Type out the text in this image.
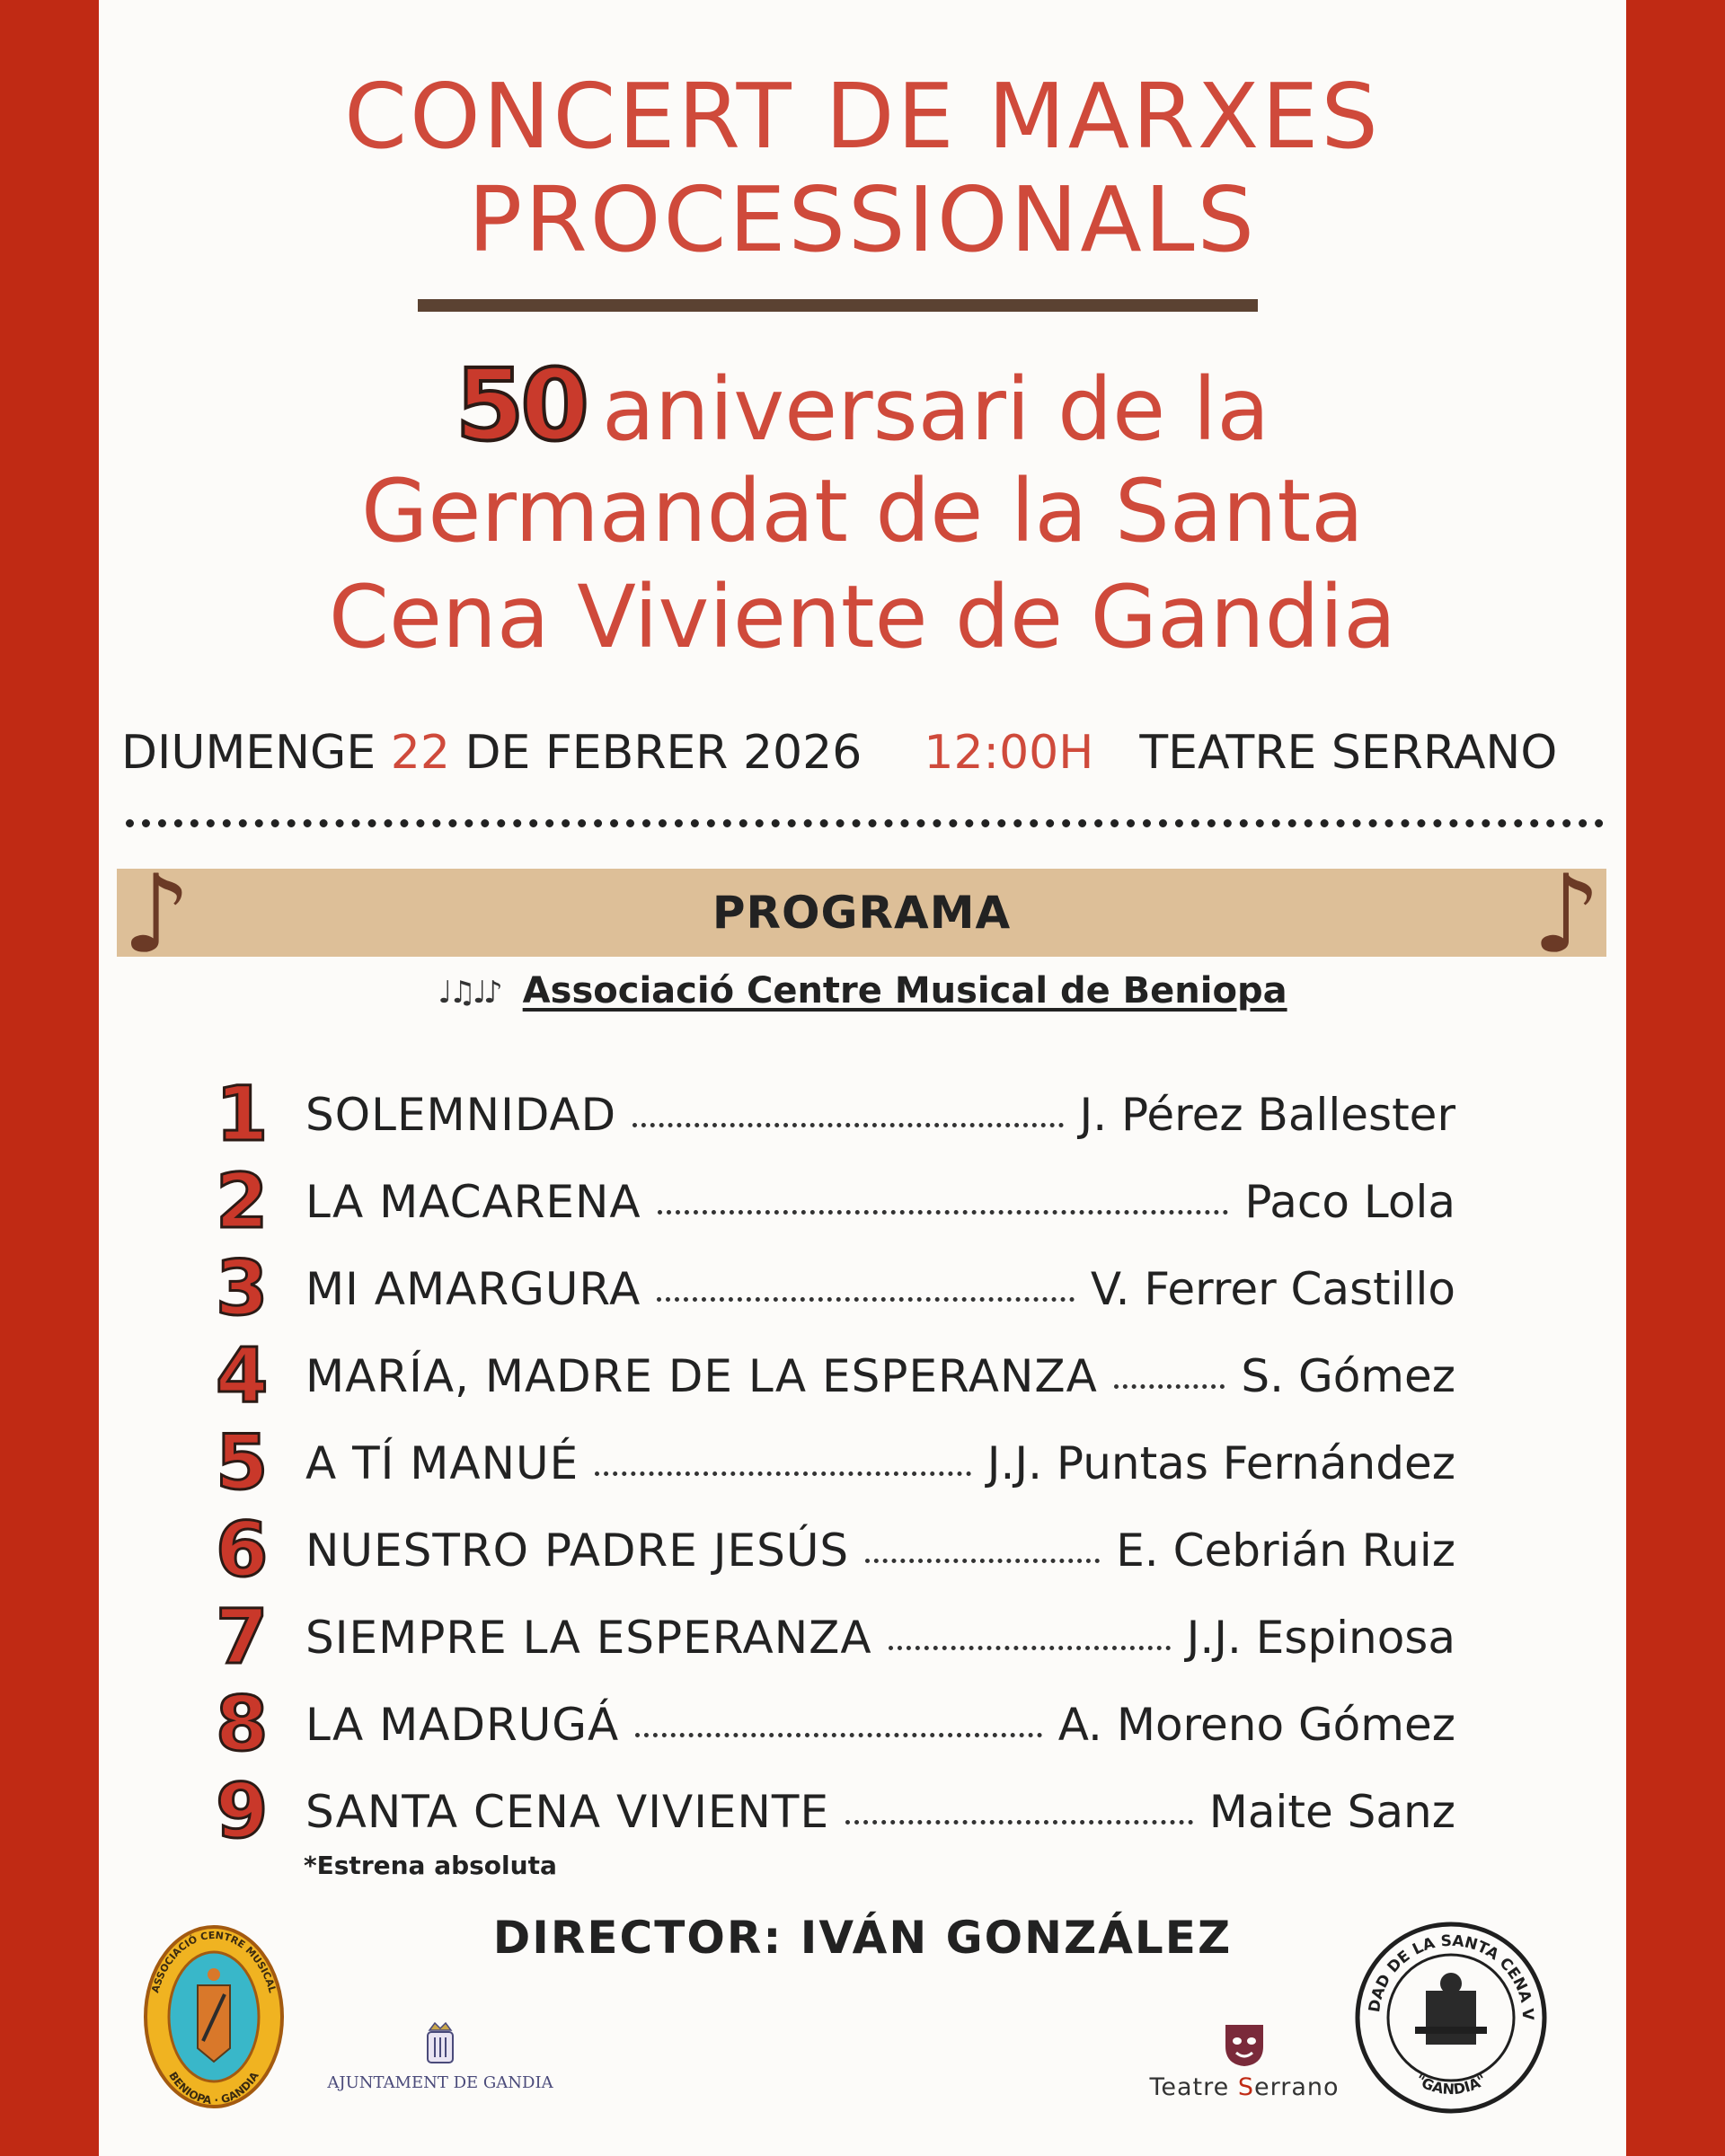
CONCERT DE MARXES
PROCESSIONALS
50 aniversari de la
Germandat de la Santa
Cena Viviente de Gandia
DIUMENGE 22 DE FEBRER 2026 12:00H TEATRE SERRANO
♪	PROGRAMA	♪
♩♫♩♪ Associació Centre Musical de Beniopa
1 SOLEMNIDAD	J. Pérez Ballester
2 LA MACARENA	Paco Lola
3 MI AMARGURA	V. Ferrer Castillo
4 MARÍA, MADRE DE LA ESPERANZA	S. Gómez
5 A TÍ MANUÉ	J.J. Puntas Fernández
6 NUESTRO PADRE JESÚS	E. Cebrián Ruiz
7 SIEMPRE LA ESPERANZA	J.J. Espinosa
8 LA MADRUGÁ	A. Moreno Gómez
9 SANTA CENA VIVIENTE	Maite Sanz
*Estrena absoluta
DIRECTOR: IVÁN GONZÁLEZ
AJUNTAMENT DE GANDIA	Teatre Serrano
DAD DE LA SANTA CENA V
"GANDIA"
ASSOCIACIÓ CENTRE MUSICAL
BENIOPA · GANDIA
